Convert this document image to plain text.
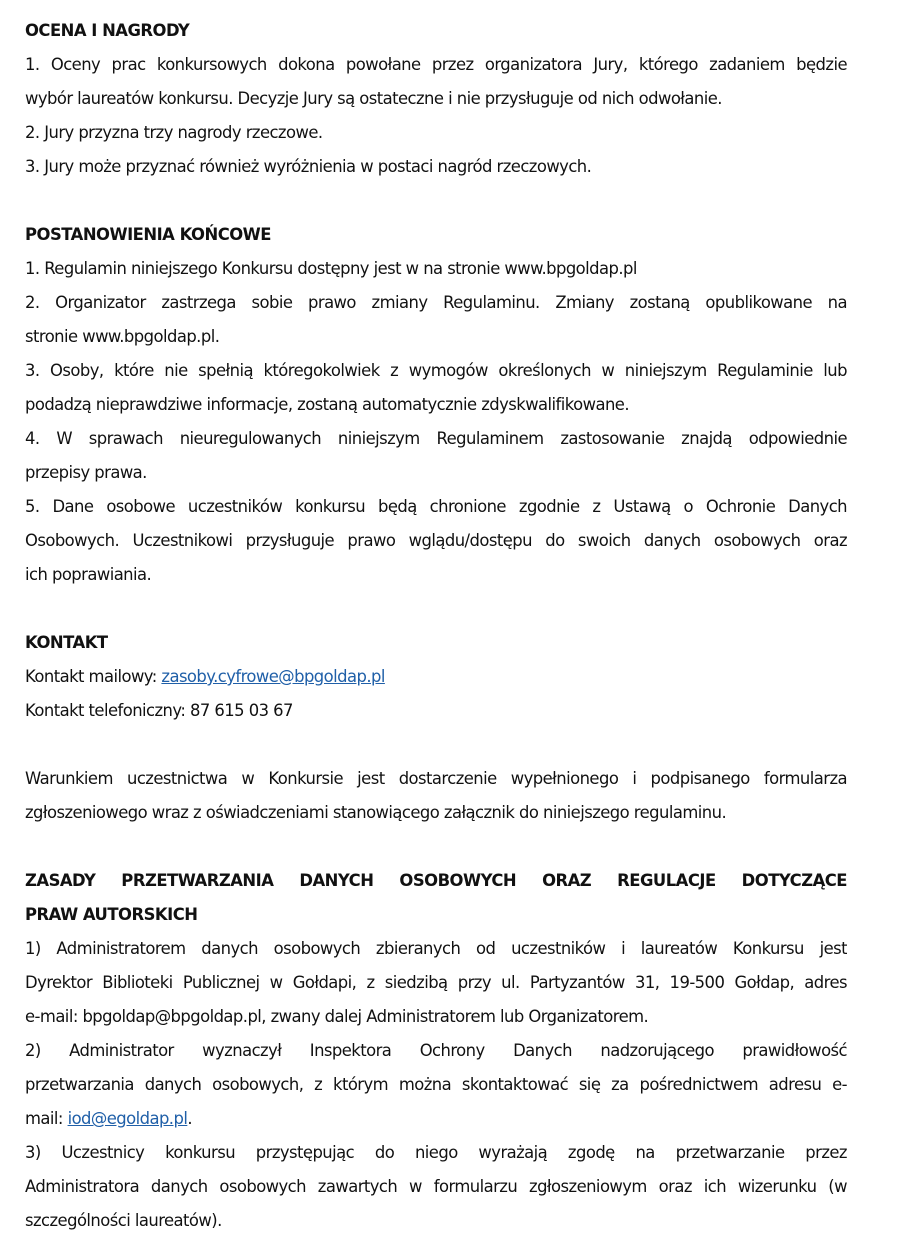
OCENA I NAGRODY
1. Oceny prac konkursowych dokona powołane przez organizatora Jury, którego zadaniem będzie
wybór laureatów konkursu. Decyzje Jury są ostateczne i nie przysługuje od nich odwołanie.
2. Jury przyzna trzy nagrody rzeczowe.
3. Jury może przyznać również wyróżnienia w postaci nagród rzeczowych.
POSTANOWIENIA KOŃCOWE
1. Regulamin niniejszego Konkursu dostępny jest w na stronie www.bpgoldap.pl
2. Organizator zastrzega sobie prawo zmiany Regulaminu. Zmiany zostaną opublikowane na
stronie www.bpgoldap.pl.
3. Osoby, które nie spełnią któregokolwiek z wymogów określonych w niniejszym Regulaminie lub
podadzą nieprawdziwe informacje, zostaną automatycznie zdyskwalifikowane.
4. W sprawach nieuregulowanych niniejszym Regulaminem zastosowanie znajdą odpowiednie
przepisy prawa.
5. Dane osobowe uczestników konkursu będą chronione zgodnie z Ustawą o Ochronie Danych
Osobowych. Uczestnikowi przysługuje prawo wglądu/dostępu do swoich danych osobowych oraz
ich poprawiania.
KONTAKT
Kontakt mailowy: zasoby.cyfrowe@bpgoldap.pl
Kontakt telefoniczny: 87 615 03 67
Warunkiem uczestnictwa w Konkursie jest dostarczenie wypełnionego i podpisanego formularza
zgłoszeniowego wraz z oświadczeniami stanowiącego załącznik do niniejszego regulaminu.
ZASADY PRZETWARZANIA DANYCH OSOBOWYCH ORAZ REGULACJE DOTYCZĄCE
PRAW AUTORSKICH
1) Administratorem danych osobowych zbieranych od uczestników i laureatów Konkursu jest
Dyrektor Biblioteki Publicznej w Gołdapi, z siedzibą przy ul. Partyzantów 31, 19-500 Gołdap, adres
e-mail: bpgoldap@bpgoldap.pl, zwany dalej Administratorem lub Organizatorem.
2) Administrator wyznaczył Inspektora Ochrony Danych nadzorującego prawidłowość
przetwarzania danych osobowych, z którym można skontaktować się za pośrednictwem adresu e-
mail: iod@egoldap.pl.
3) Uczestnicy konkursu przystępując do niego wyrażają zgodę na przetwarzanie przez
Administratora danych osobowych zawartych w formularzu zgłoszeniowym oraz ich wizerunku (w
szczególności laureatów).
